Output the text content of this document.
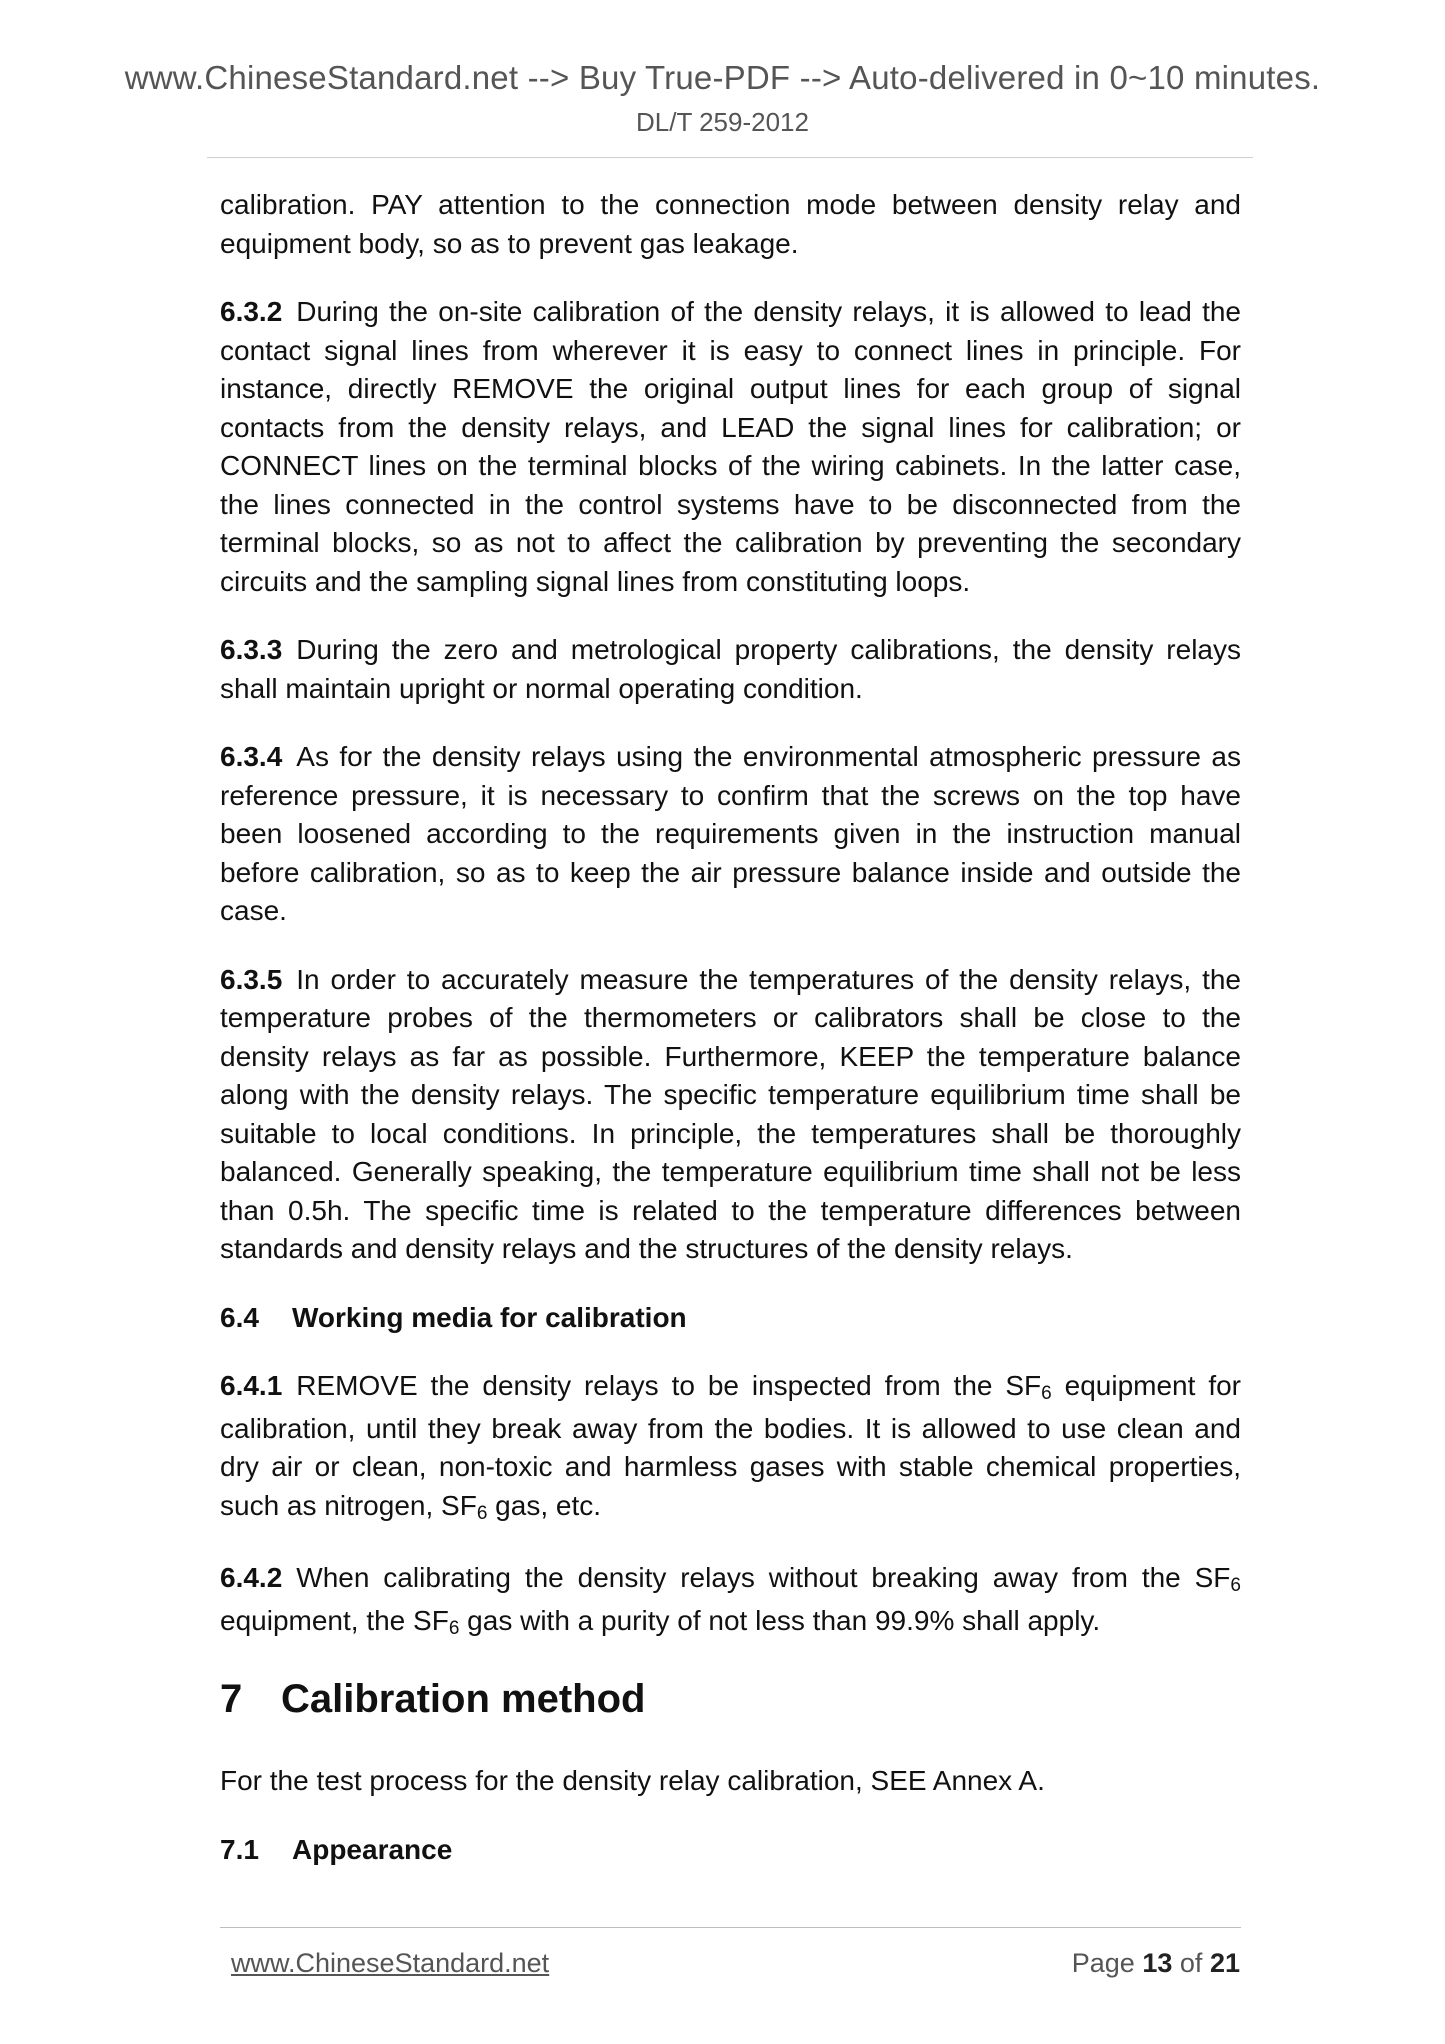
www.ChineseStandard.net --> Buy True-PDF --> Auto-delivered in 0~10 minutes.
DL/T 259-2012

calibration. PAY attention to the connection mode between density relay and equipment body, so as to prevent gas leakage.

6.3.2 During the on-site calibration of the density relays, it is allowed to lead the contact signal lines from wherever it is easy to connect lines in principle. For instance, directly REMOVE the original output lines for each group of signal contacts from the density relays, and LEAD the signal lines for calibration; or CONNECT lines on the terminal blocks of the wiring cabinets. In the latter case, the lines connected in the control systems have to be disconnected from the terminal blocks, so as not to affect the calibration by preventing the secondary circuits and the sampling signal lines from constituting loops.

6.3.3 During the zero and metrological property calibrations, the density relays shall maintain upright or normal operating condition.

6.3.4 As for the density relays using the environmental atmospheric pressure as reference pressure, it is necessary to confirm that the screws on the top have been loosened according to the requirements given in the instruction manual before calibration, so as to keep the air pressure balance inside and outside the case.

6.3.5 In order to accurately measure the temperatures of the density relays, the temperature probes of the thermometers or calibrators shall be close to the density relays as far as possible. Furthermore, KEEP the temperature balance along with the density relays. The specific temperature equilibrium time shall be suitable to local conditions. In principle, the temperatures shall be thoroughly balanced. Generally speaking, the temperature equilibrium time shall not be less than 0.5h. The specific time is related to the temperature differences between standards and density relays and the structures of the density relays.

6.4 Working media for calibration

6.4.1 REMOVE the density relays to be inspected from the SF6 equipment for calibration, until they break away from the bodies. It is allowed to use clean and dry air or clean, non-toxic and harmless gases with stable chemical properties, such as nitrogen, SF6 gas, etc.

6.4.2 When calibrating the density relays without breaking away from the SF6 equipment, the SF6 gas with a purity of not less than 99.9% shall apply.

7 Calibration method

For the test process for the density relay calibration, SEE Annex A.

7.1 Appearance
www.ChineseStandard.net	Page 13 of 21
